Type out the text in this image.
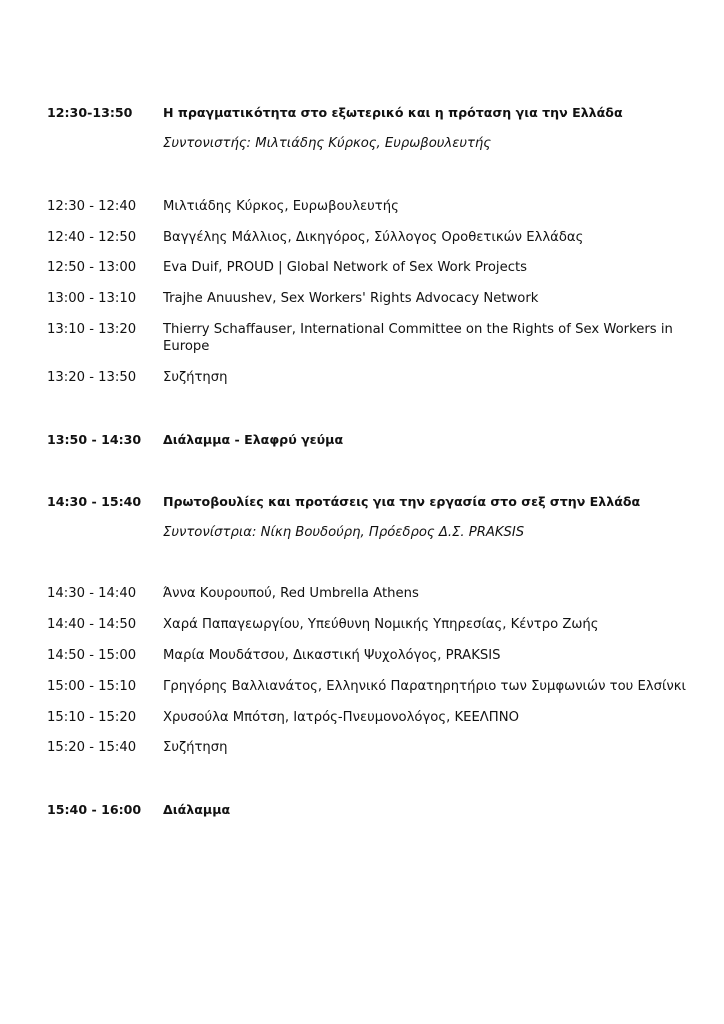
12:30-13:50 Η πραγματικότητα στο εξωτερικό και η πρόταση για την Ελλάδα
Συντονιστής: Μιλτιάδης Κύρκος, Ευρωβουλευτής
12:30 - 12:40 Μιλτιάδης Κύρκος, Ευρωβουλευτής
12:40 - 12:50 Βαγγέλης Μάλλιος, Δικηγόρος, Σύλλογος Οροθετικών Ελλάδας
12:50 - 13:00 Eva Duif, PROUD | Global Network of Sex Work Projects
13:00 - 13:10 Trajhe Anuushev, Sex Workers' Rights Advocacy Network
13:10 - 13:20 Thierry Schaffauser, International Committee on the Rights of Sex Workers in Europe
13:20 - 13:50 Συζήτηση
13:50 - 14:30 Διάλαμμα - Ελαφρύ γεύμα
14:30 - 15:40 Πρωτοβουλίες και προτάσεις για την εργασία στο σεξ στην Ελλάδα
Συντονίστρια: Νίκη Βουδούρη, Πρόεδρος Δ.Σ. PRAKSIS
14:30 - 14:40 Άννα Κουρουπού, Red Umbrella Athens
14:40 - 14:50 Χαρά Παπαγεωργίου, Υπεύθυνη Νομικής Υπηρεσίας, Κέντρο Ζωής
14:50 - 15:00 Μαρία Μουδάτσου, Δικαστική Ψυχολόγος, PRAKSIS
15:00 - 15:10 Γρηγόρης Βαλλιανάτος, Ελληνικό Παρατηρητήριο των Συμφωνιών του Ελσίνκι
15:10 - 15:20 Χρυσούλα Μπότση, Ιατρός-Πνευμονολόγος, ΚΕΕΛΠΝΟ
15:20 - 15:40 Συζήτηση
15:40 - 16:00 Διάλαμμα
